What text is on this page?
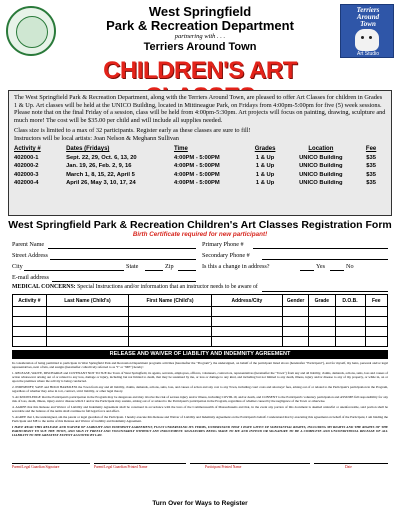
Terriers
Around
Town
Art Studio
West Springfield
Park & Recreation Department
partnering with . . .
Terriers Around Town
CHILDREN'S ART

The West Springfield Park & Recreation Department, along with the Terriers Around Town, are pleased to offer Art Classes for children in Grades 1 & Up. Art classes will be held at the UNICO Building, located in Mittineague Park, on Fridays from 4:00pm-5:00pm for five (5) week sessions. Please note that on the final Friday of a session, class will be held from 4:00pm-5:30pm. Art projects will focus on painting, drawing, sculpture and much more! The cost will be $35.00 per child and will include all supplies needed.

Class size is limited to a max of 32 participants. Register early as these classes are sure to fill!

Instructors will be local artists: Joan Nelson & Meghann Sullivan

Activity #	Dates (Fridays)	Time	Grades	Location	Fee
402000-1	Sept. 22, 29, Oct. 6, 13, 20	4:00PM - 5:00PM	1 & Up	UNICO Building	$35
402000-2	Jan. 19, 26, Feb. 2, 9, 16	4:00PM - 5:00PM	1 & Up	UNICO Building	$35
402000-3	March 1, 8, 15, 22, April 5	4:00PM - 5:00PM	1 & Up	UNICO Building	$35
402000-4	April 26, May 3, 10, 17, 24	4:00PM - 5:00PM	1 & Up	UNICO Building	$35
West Springfield Park & Recreation Children's Art Classes Registration Form
Birth Certificate required for new participant!
Parent Name	Primary Phone #
Street Address	Secondary Phone #
City	State	Zip	Is this a change in address?	Yes	No
E-mail address
MEDICAL CONCERNS: Special Instructions and/or information that an instructor needs to be aware of
Activity #	Last Name (Child's)	First Name (Child's)	Address/City	Gender	Grade	D.O.B.	Fee

RELEASE AND WAIVER OF LIABILITY AND INDEMNITY AGREEMENT

In consideration of being permitted to participate in West Springfield Park and Recreation Department programs activities (hereinafter the "Program"), the undersigned, on behalf of the participant listed above (hereinafter "Participant"), and for myself, my heirs, personal and/or legal representatives, next of kin, and assigns (hereinafter collectively referred to as "I" or "ME") hereby:

1. RELEASE, WAIVE, DISCHARGE and COVENANT NOT TO SUE the Town of West Springfield, its agents, servants, employees, officers, volunteers, contractors, representatives (hereinafter the "Town") from any and all liability, claims, demands, actions, suits, loss and causes of action whatsoever arising out of or related to any loss, damage or injury, including but not limited to death, that may be sustained by me, or loss or damage to any kind, and including but not limited to any death, illness, injury and/or disease to any of my property, or while in, on or upon the premises where the activity is being conducted.

2. INDEMNIFY, SAVE and HOLD HARMLESS the Town from any and all liability, claims, demands, actions, suits, loss, and causes of action and any cost to any Town, including court costs and attorneys' fees, arising out of or related to the Participant's participation in the Program, regardless of whether they arise in tort, contract, strict liability, or other legal theory.

3. ACKNOWLEDGE that the Participant's participation in the Program may be dangerous and may involve the risk of serious injury and/or illness, including COVID-19, and/or death, and CONSENT to the Participant's voluntary participation and ASSUME full responsibility for any risk of loss, death, illness, injury and/or disease which I and/or the Participant may sustain, arising out of or related to the Participant's participation in the Program, regardless of whether caused by the negligence of the Town or otherwise.

4. AGREE that this Release and Waiver of Liability and Indemnity Agreement shall be construed in accordance with the laws of the Commonwealth of Massachusetts and that, in the event any portion of this document is deemed unlawful or unenforceable, said portion shall be severable and the balance of the terms shall continue in full legal force and effect.

5. AGREE that I, the undersigned, am the parent or legal guardian of the Participant. I hereby execute this Release and Waiver of Liability and Indemnity Agreement on the Participant's behalf. I understand that by executing this agreement on behalf of the Participant, I am binding the Participant and ME to the terms of this Release and Waiver of Liability and Indemnity Agreement.

I HAVE READ THIS RELEASE AND WAIVER OF LIABILITY AND INDEMNITY AGREEMENT, FULLY UNDERSTAND ITS TERMS, UNDERSTAND THAT I HAVE GIVEN UP SUBSTANTIAL RIGHTS, INCLUDING MY RIGHTS AND THE RIGHTS OF THE PARTICIPANT TO SUE THE TOWN, AND SIGN IT FREELY AND VOLUNTARILY WITHOUT ANY INDUCEMENT. SIGNATURES BEING MADE TO ME AND INTEND OR SIGNATURE TO BE A COMPLETE AND UNCONDITIONAL RELEASE OF ALL LIABILITY TO THE GREATEST EXTENT ALLOWED BY LAW.

Parent/Legal Guardian Signature	Parent/Legal Guardian Printed Name	Participant Printed Name	Date
Turn Over for Ways to Register
